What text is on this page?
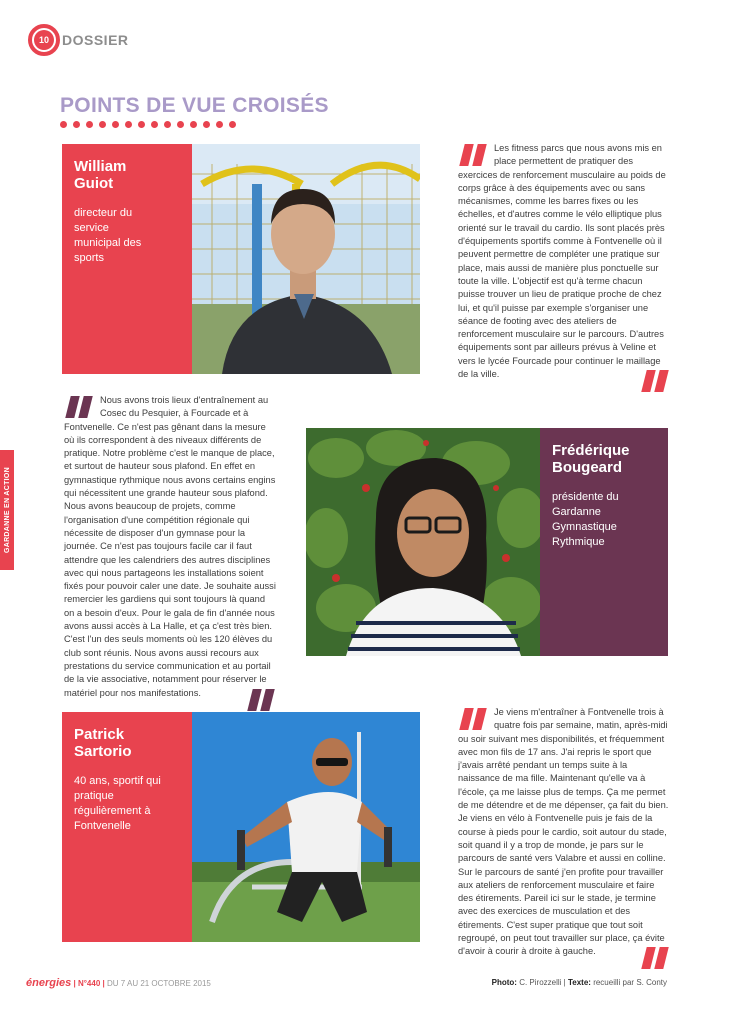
10 DOSSIER
POINTS DE VUE CROISÉS
GARDANNE EN ACTION
William
Guiot
directeur du service municipal des sports
Les fitness parcs que nous avons mis en place permettent de pratiquer des exercices de renforcement musculaire au poids de corps grâce à des équipements avec ou sans mécanismes, comme les barres fixes ou les échelles, et d'autres comme le vélo elliptique plus orienté sur le travail du cardio. Ils sont placés près d'équipements sportifs comme à Fontvenelle où il peuvent permettre de compléter une pratique sur place, mais aussi de manière plus ponctuelle sur toute la ville. L'objectif est qu'à terme chacun puisse trouver un lieu de pratique proche de chez lui, et qu'il puisse par exemple s'organiser une séance de footing avec des ateliers de renforcement musculaire sur le parcours. D'autres équipements sont par ailleurs prévus à Veline et vers le lycée Fourcade pour continuer le maillage de la ville.
Nous avons trois lieux d'entraînement au Cosec du Pesquier, à Fourcade et à Fontvenelle. Ce n'est pas gênant dans la mesure où ils correspondent à des niveaux différents de pratique. Notre problème c'est le manque de place, et surtout de hauteur sous plafond. En effet en gymnastique rythmique nous avons certains engins qui nécessitent une grande hauteur sous plafond. Nous avons beaucoup de projets, comme l'organisation d'une compétition régionale qui nécessite de disposer d'un gymnase pour la journée. Ce n'est pas toujours facile car il faut attendre que les calendriers des autres disciplines avec qui nous partageons les installations soient fixés pour pouvoir caler une date. Je souhaite aussi remercier les gardiens qui sont toujours là quand on a besoin d'eux. Pour le gala de fin d'année nous avons aussi accès à La Halle, et ça c'est très bien. C'est l'un des seuls moments où les 120 élèves du club sont réunis. Nous avons aussi recours aux prestations du service communication et au portail de la vie associative, notamment pour réserver le matériel pour nos manifestations.
Frédérique
Bougeard
présidente du Gardanne Gymnastique Rythmique
Patrick
Sartorio
40 ans, sportif qui pratique régulièrement à Fontvenelle
Je viens m'entraîner à Fontvenelle trois à quatre fois par semaine, matin, après-midi ou soir suivant mes disponibilités, et fréquemment avec mon fils de 17 ans. J'ai repris le sport que j'avais arrêté pendant un temps suite à la naissance de ma fille. Maintenant qu'elle va à l'école, ça me laisse plus de temps. Ça me permet de me détendre et de me dépenser, ça fait du bien. Je viens en vélo à Fontvenelle puis je fais de la course à pieds pour le cardio, soit autour du stade, soit quand il y a trop de monde, je pars sur le parcours de santé vers Valabre et aussi en colline. Sur le parcours de santé j'en profite pour travailler aux ateliers de renforcement musculaire et faire des étirements. Pareil ici sur le stade, je termine avec des exercices de musculation et des étirements. C'est super pratique que tout soit regroupé, on peut tout travailler sur place, ça évite d'avoir à courir à droite à gauche.
énergies | N°440 | DU 7 AU 21 OCTOBRE 2015	Photo: C. Pirozzelli | Texte: recueilli par S. Conty
